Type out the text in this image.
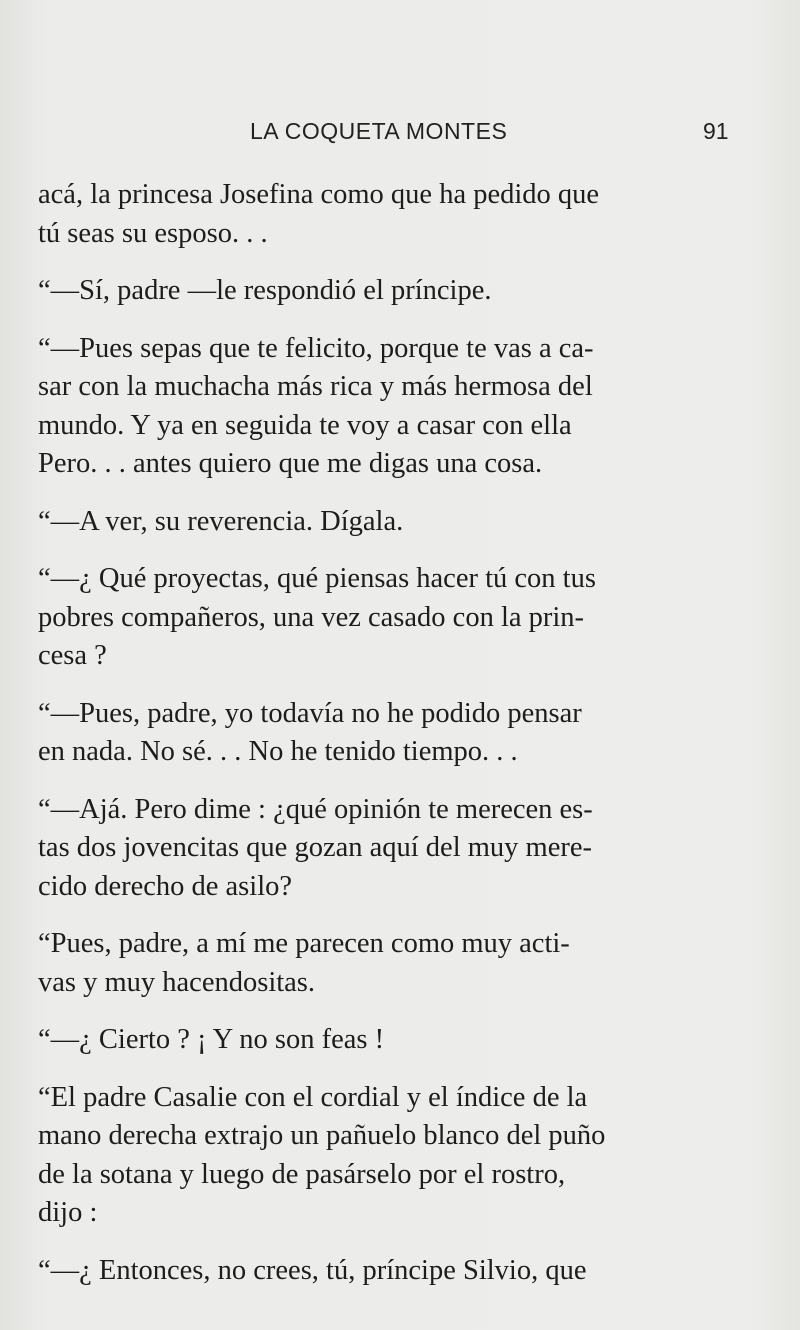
LA COQUETA MONTES	91

acá, la princesa Josefina como que ha pedido que
tú seas su esposo. . .

“—Sí, padre —le respondió el príncipe.

“—Pues sepas que te felicito, porque te vas a ca-
sar con la muchacha más rica y más hermosa del
mundo. Y ya en seguida te voy a casar con ella
Pero. . . antes quiero que me digas una cosa.

“—A ver, su reverencia. Dígala.

“—¿ Qué proyectas, qué piensas hacer tú con tus
pobres compañeros, una vez casado con la prin-
cesa ?

“—Pues, padre, yo todavía no he podido pensar
en nada. No sé. . . No he tenido tiempo. . .

“—Ajá. Pero dime : ¿qué opinión te merecen es-
tas dos jovencitas que gozan aquí del muy mere-
cido derecho de asilo?

“Pues, padre, a mí me parecen como muy acti-
vas y muy hacendositas.

“—¿ Cierto ? ¡ Y no son feas !

“El padre Casalie con el cordial y el índice de la
mano derecha extrajo un pañuelo blanco del puño
de la sotana y luego de pasárselo por el rostro,
dijo :

“—¿ Entonces, no crees, tú, príncipe Silvio, que
